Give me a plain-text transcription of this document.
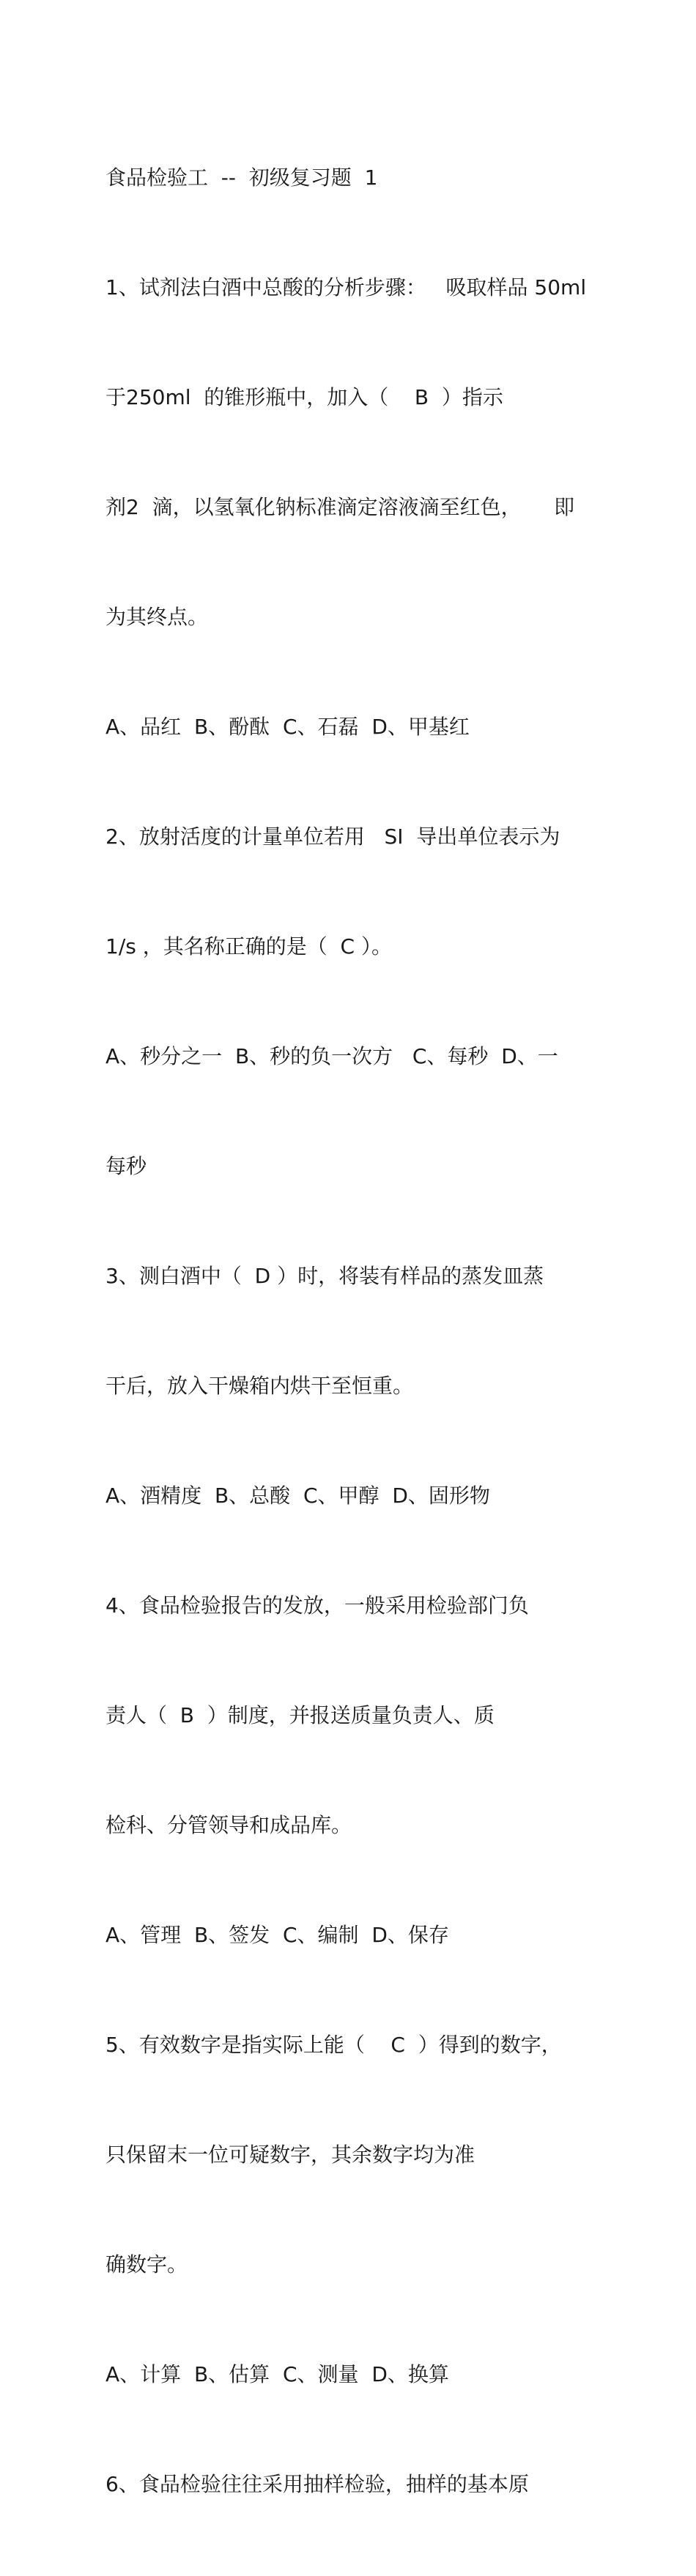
食品检验工  --  初级复习题  1

1、试剂法白酒中总酸的分析步骤：   吸取样品 50ml

于250ml  的锥形瓶中，加入（    B  ）指示

剂2  滴，以氢氧化钠标准滴定溶液滴至红色，     即

为其终点。

A、品红  B、酚酞  C、石磊  D、甲基红

2、放射活度的计量单位若用   SI  导出单位表示为

1/s ，其名称正确的是（  C ）。

A、秒分之一  B、秒的负一次方   C、每秒  D、一

每秒

3、测白酒中（  D ）时，将装有样品的蒸发皿蒸

干后，放入干燥箱内烘干至恒重。

A、酒精度  B、总酸  C、甲醇  D、固形物

4、食品检验报告的发放，一般采用检验部门负

责人（  B  ）制度，并报送质量负责人、质

检科、分管领导和成品库。

A、管理  B、签发  C、编制  D、保存

5、有效数字是指实际上能（    C  ）得到的数字，

只保留末一位可疑数字，其余数字均为准

确数字。

A、计算  B、估算  C、测量  D、换算

6、食品检验往往采用抽样检验，抽样的基本原
